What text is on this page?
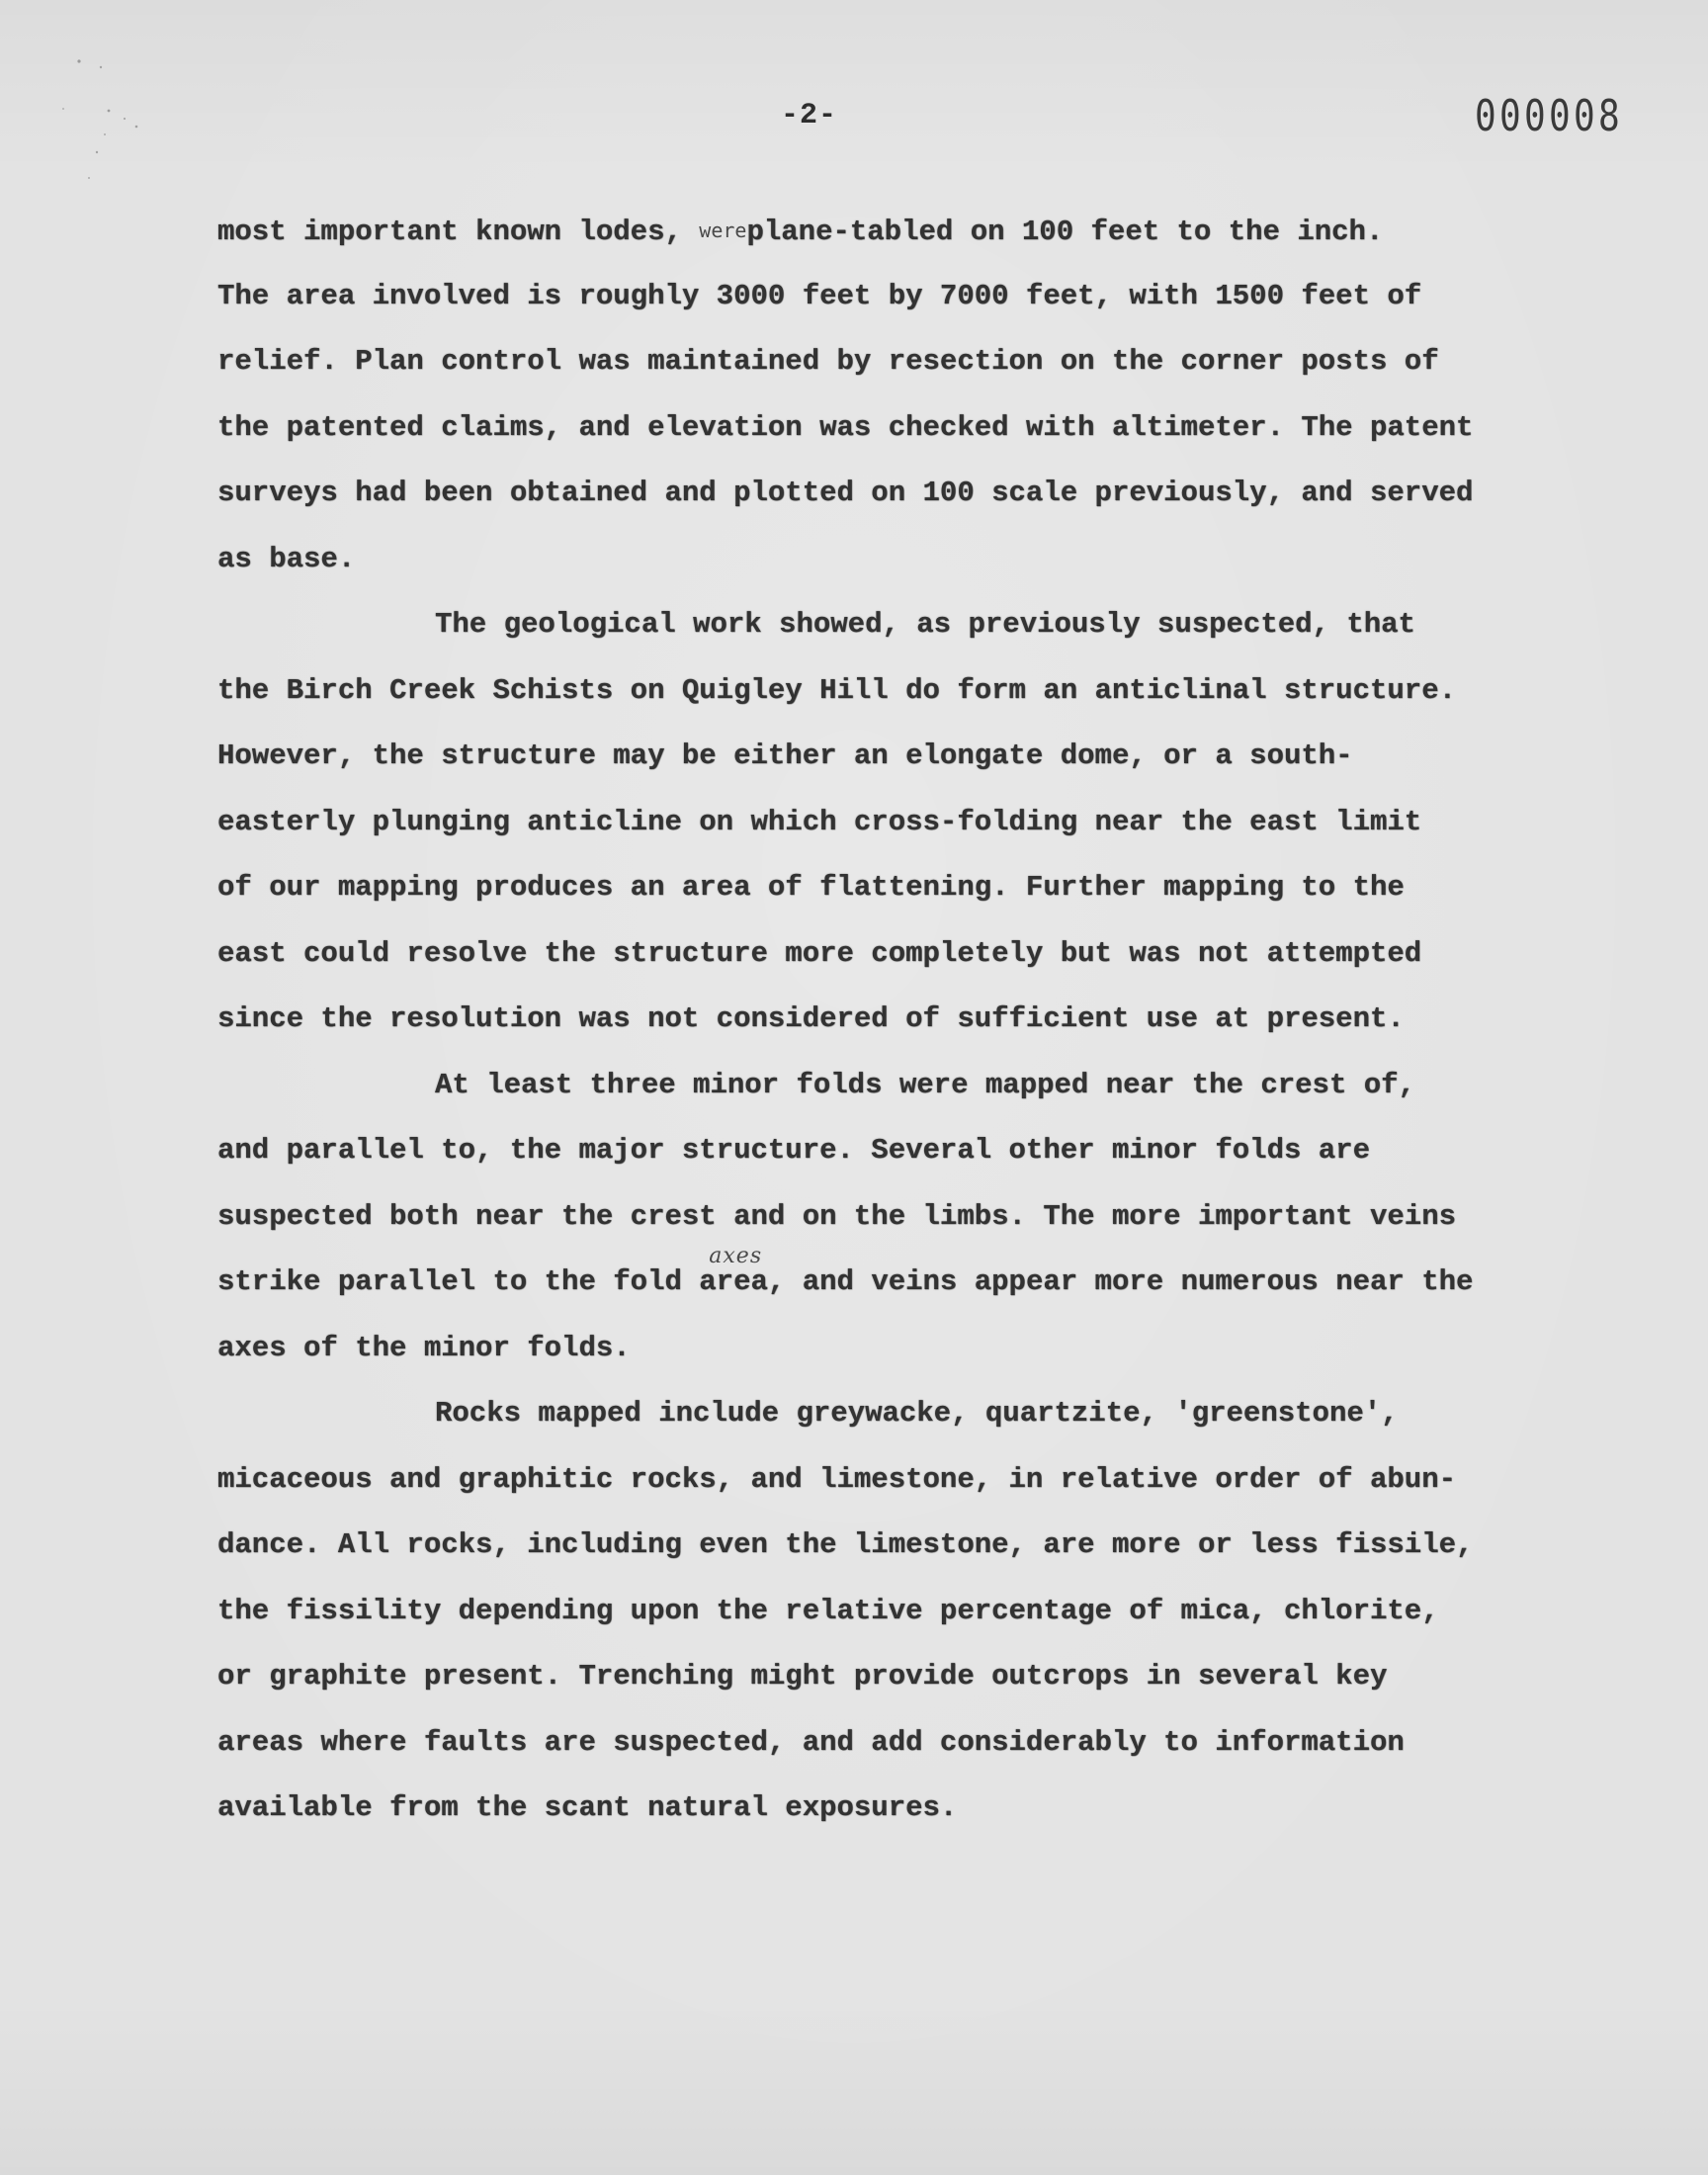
-2-	000008
most important known lodes, wereplane-tabled on 100 feet to the inch.
The area involved is roughly 3000 feet by 7000 feet, with 1500 feet of
relief. Plan control was maintained by resection on the corner posts of
the patented claims, and elevation was checked with altimeter. The patent
surveys had been obtained and plotted on 100 scale previously, and served
as base.
The geological work showed, as previously suspected, that
the Birch Creek Schists on Quigley Hill do form an anticlinal structure.
However, the structure may be either an elongate dome, or a south-
easterly plunging anticline on which cross-folding near the east limit
of our mapping produces an area of flattening. Further mapping to the
east could resolve the structure more completely but was not attempted
since the resolution was not considered of sufficient use at present.
At least three minor folds were mapped near the crest of,
and parallel to, the major structure. Several other minor folds are
suspected both near the crest and on the limbs. The more important veins
strike parallel to the fold
axes
area, and veins appear more numerous near the
axes of the minor folds.
Rocks mapped include greywacke, quartzite, 'greenstone',
micaceous and graphitic rocks, and limestone, in relative order of abun-
dance. All rocks, including even the limestone, are more or less fissile,
the fissility depending upon the relative percentage of mica, chlorite,
or graphite present. Trenching might provide outcrops in several key
areas where faults are suspected, and add considerably to information
available from the scant natural exposures.
